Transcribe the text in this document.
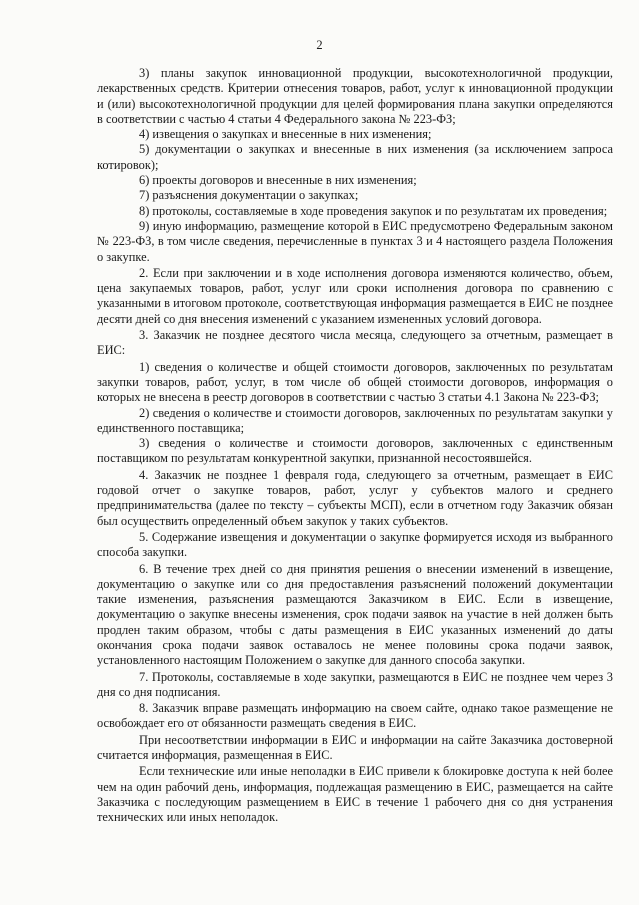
2

3) планы закупок инновационной продукции, высокотехнологичной продукции, лекарственных средств. Критерии отнесения товаров, работ, услуг к инновационной продукции и (или) высокотехнологичной продукции для целей формирования плана закупки определяются в соответствии с частью 4 статьи 4 Федерального закона № 223-ФЗ;

4) извещения о закупках и внесенные в них изменения;

5) документации о закупках и внесенные в них изменения (за исключением запроса котировок);

6) проекты договоров и внесенные в них изменения;

7) разъяснения документации о закупках;

8) протоколы, составляемые в ходе проведения закупок и по результатам их проведения;

9) иную информацию, размещение которой в ЕИС предусмотрено Федеральным законом № 223-ФЗ, в том числе сведения, перечисленные в пунктах 3 и 4 настоящего раздела Положения о закупке.

2. Если при заключении и в ходе исполнения договора изменяются количество, объем, цена закупаемых товаров, работ, услуг или сроки исполнения договора по сравнению с указанными в итоговом протоколе, соответствующая информация размещается в ЕИС не позднее десяти дней со дня внесения изменений с указанием измененных условий договора.

3. Заказчик не позднее десятого числа месяца, следующего за отчетным, размещает в ЕИС:

1) сведения о количестве и общей стоимости договоров, заключенных по результатам закупки товаров, работ, услуг, в том числе об общей стоимости договоров, информация о которых не внесена в реестр договоров в соответствии с частью 3 статьи 4.1 Закона № 223-ФЗ;

2) сведения о количестве и стоимости договоров, заключенных по результатам закупки у единственного поставщика;

3) сведения о количестве и стоимости договоров, заключенных с единственным поставщиком по результатам конкурентной закупки, признанной несостоявшейся.

4. Заказчик не позднее 1 февраля года, следующего за отчетным, размещает в ЕИС годовой отчет о закупке товаров, работ, услуг у субъектов малого и среднего предпринимательства (далее по тексту – субъекты МСП), если в отчетном году Заказчик обязан был осуществить определенный объем закупок у таких субъектов.

5. Содержание извещения и документации о закупке формируется исходя из выбранного способа закупки.

6. В течение трех дней со дня принятия решения о внесении изменений в извещение, документацию о закупке или со дня предоставления разъяснений положений документации такие изменения, разъяснения размещаются Заказчиком в ЕИС. Если в извещение, документацию о закупке внесены изменения, срок подачи заявок на участие в ней должен быть продлен таким образом, чтобы с даты размещения в ЕИС указанных изменений до даты окончания срока подачи заявок оставалось не менее половины срока подачи заявок, установленного настоящим Положением о закупке для данного способа закупки.

7. Протоколы, составляемые в ходе закупки, размещаются в ЕИС не позднее чем через 3 дня со дня подписания.

8. Заказчик вправе размещать информацию на своем сайте, однако такое размещение не освобождает его от обязанности размещать сведения в ЕИС.

При несоответствии информации в ЕИС и информации на сайте Заказчика достоверной считается информация, размещенная в ЕИС.

Если технические или иные неполадки в ЕИС привели к блокировке доступа к ней более чем на один рабочий день, информация, подлежащая размещению в ЕИС, размещается на сайте Заказчика с последующим размещением в ЕИС в течение 1 рабочего дня со дня устранения технических или иных неполадок.
